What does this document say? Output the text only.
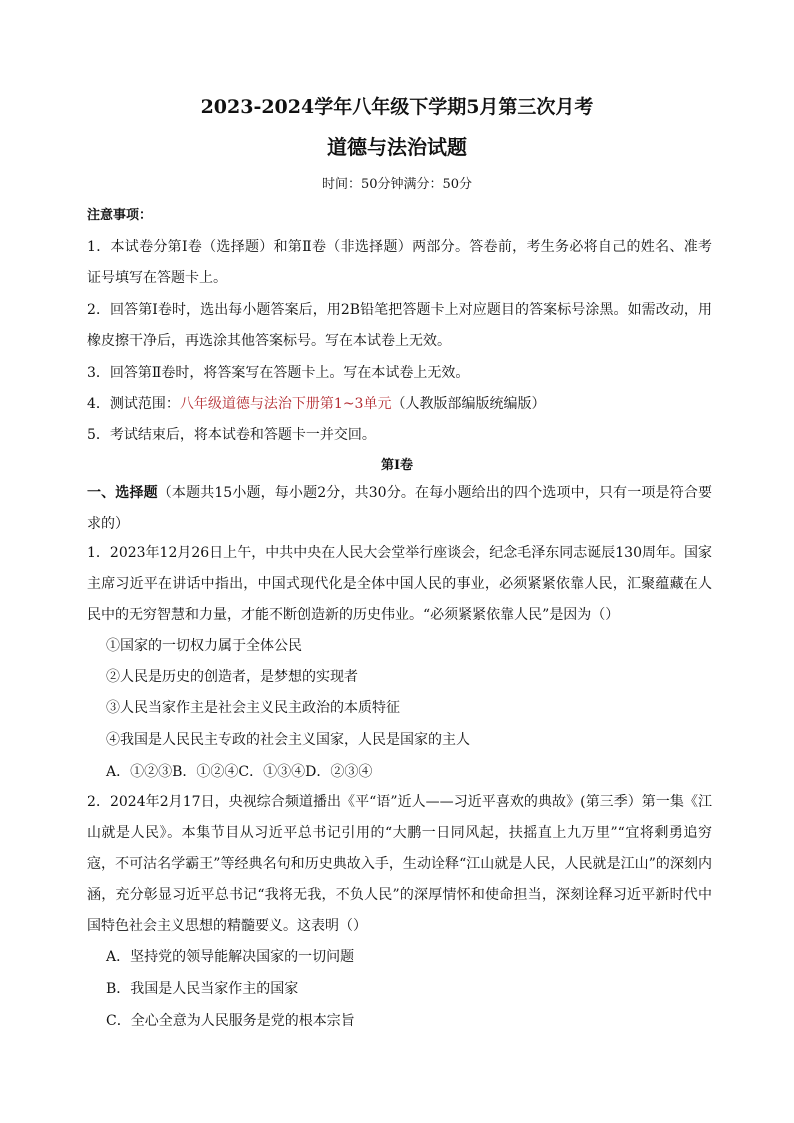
2023-2024学年八年级下学期5月第三次月考
道德与法治试题
时间：50分钟满分：50分
注意事项：
1．本试卷分第Ⅰ卷（选择题）和第Ⅱ卷（非选择题）两部分。答卷前，考生务必将自己的姓名、准考证号填写在答题卡上。
2．回答第Ⅰ卷时，选出每小题答案后，用2B铅笔把答题卡上对应题目的答案标号涂黑。如需改动，用橡皮擦干净后，再选涂其他答案标号。写在本试卷上无效。
3．回答第Ⅱ卷时，将答案写在答题卡上。写在本试卷上无效。
4．测试范围：八年级道德与法治下册第1~3单元（人教版部编版统编版）
5．考试结束后，将本试卷和答题卡一并交回。
第Ⅰ卷
一、选择题（本题共15小题，每小题2分，共30分。在每小题给出的四个选项中，只有一项是符合要求的）
1．2023年12月26日上午，中共中央在人民大会堂举行座谈会，纪念毛泽东同志诞辰130周年。国家主席习近平在讲话中指出，中国式现代化是全体中国人民的事业，必须紧紧依靠人民，汇聚蕴藏在人民中的无穷智慧和力量，才能不断创造新的历史伟业。“必须紧紧依靠人民”是因为（）
①国家的一切权力属于全体公民
②人民是历史的创造者，是梦想的实现者
③人民当家作主是社会主义民主政治的本质特征
④我国是人民民主专政的社会主义国家，人民是国家的主人
A．①②③B．①②④C．①③④D．②③④
2．2024年2月17日，央视综合频道播出《平“语”近人——习近平喜欢的典故》(第三季）第一集《江山就是人民》。本集节目从习近平总书记引用的“大鹏一日同风起，扶摇直上九万里”“宜将剩勇追穷寇，不可沽名学霸王”等经典名句和历史典故入手，生动诠释“江山就是人民，人民就是江山”的深刻内涵，充分彰显习近平总书记“我将无我，不负人民”的深厚情怀和使命担当，深刻诠释习近平新时代中国特色社会主义思想的精髓要义。这表明（）
A．坚持党的领导能解决国家的一切问题
B．我国是人民当家作主的国家
C．全心全意为人民服务是党的根本宗旨
